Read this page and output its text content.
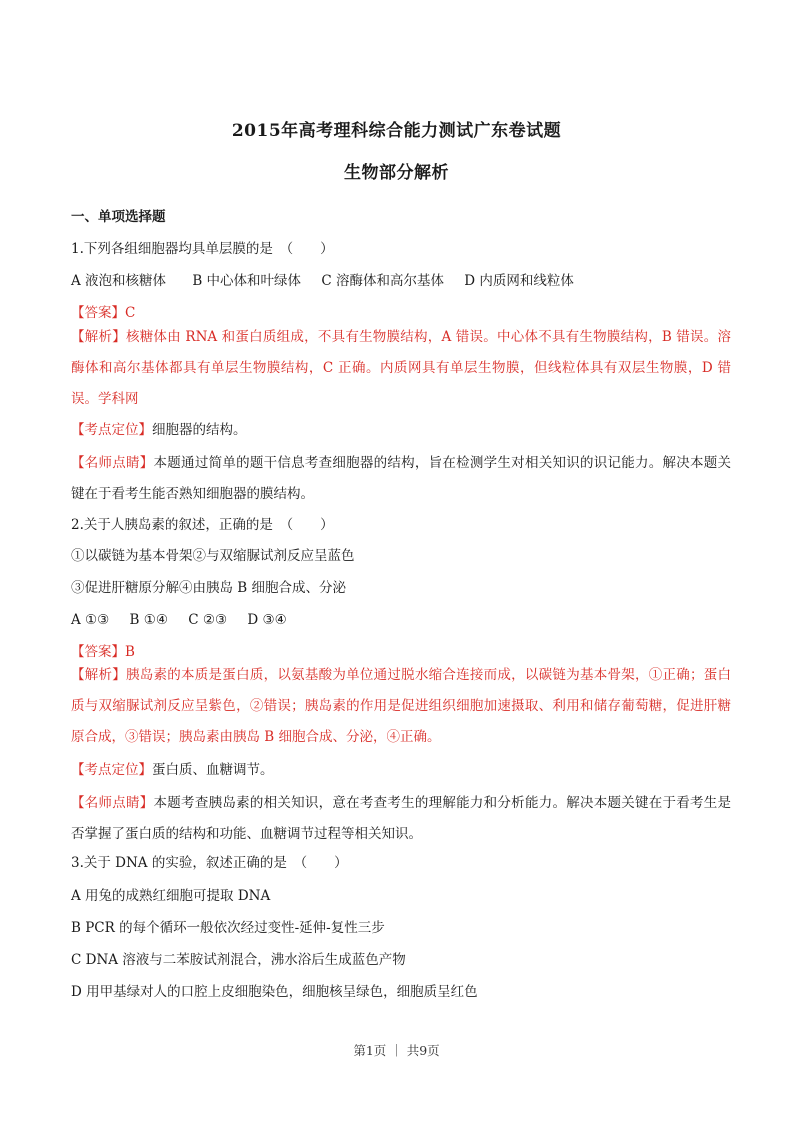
2015年高考理科综合能力测试广东卷试题
生物部分解析
一、单项选择题
1.下列各组细胞器均具单层膜的是　（　　）
A 液泡和核糖体 B 中心体和叶绿体 C 溶酶体和高尔基体 D 内质网和线粒体
【答案】C
【解析】核糖体由 RNA 和蛋白质组成，不具有生物膜结构，A 错误。中心体不具有生物膜结构，B 错误。溶酶体和高尔基体都具有单层生物膜结构，C 正确。内质网具有单层生物膜，但线粒体具有双层生物膜，D 错误。学科网
【考点定位】细胞器的结构。
【名师点睛】本题通过简单的题干信息考查细胞器的结构，旨在检测学生对相关知识的识记能力。解决本题关键在于看考生能否熟知细胞器的膜结构。
2.关于人胰岛素的叙述，正确的是　（　　）
①以碳链为基本骨架②与双缩脲试剂反应呈蓝色
③促进肝糖原分解④由胰岛 B 细胞合成、分泌
A ①③ B ①④ C ②③ D ③④
【答案】B
【解析】胰岛素的本质是蛋白质，以氨基酸为单位通过脱水缩合连接而成，以碳链为基本骨架，①正确；蛋白质与双缩脲试剂反应呈紫色，②错误；胰岛素的作用是促进组织细胞加速摄取、利用和储存葡萄糖，促进肝糖原合成，③错误；胰岛素由胰岛 B 细胞合成、分泌，④正确。
【考点定位】蛋白质、血糖调节。
【名师点睛】本题考查胰岛素的相关知识，意在考查考生的理解能力和分析能力。解决本题关键在于看考生是否掌握了蛋白质的结构和功能、血糖调节过程等相关知识。
3.关于 DNA 的实验，叙述正确的是　（　　）
A 用兔的成熟红细胞可提取 DNA
B PCR 的每个循环一般依次经过变性-延伸-复性三步
C DNA 溶液与二苯胺试剂混合，沸水浴后生成蓝色产物
D 用甲基绿对人的口腔上皮细胞染色，细胞核呈绿色，细胞质呈红色
第1页 ｜ 共9页
